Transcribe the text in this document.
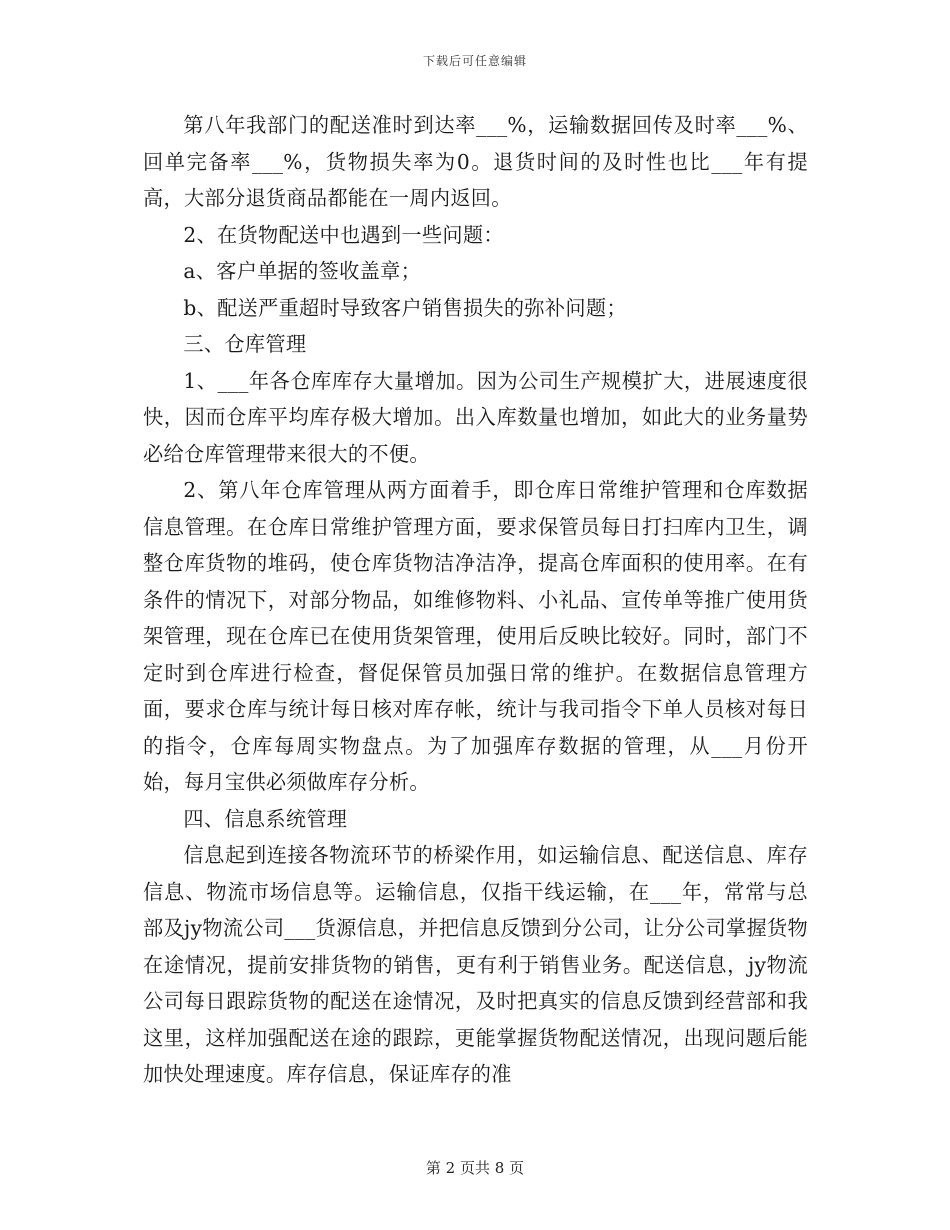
下载后可任意编辑

第八年我部门的配送准时到达率___%，运输数据回传及时率___%、回单完备率___%，货物损失率为0。退货时间的及时性也比___年有提高，大部分退货商品都能在一周内返回。

2、在货物配送中也遇到一些问题：

a、客户单据的签收盖章；

b、配送严重超时导致客户销售损失的弥补问题；

三、仓库管理

1、___年各仓库库存大量增加。因为公司生产规模扩大，进展速度很快，因而仓库平均库存极大增加。出入库数量也增加，如此大的业务量势必给仓库管理带来很大的不便。

2、第八年仓库管理从两方面着手，即仓库日常维护管理和仓库数据信息管理。在仓库日常维护管理方面，要求保管员每日打扫库内卫生，调整仓库货物的堆码，使仓库货物洁净洁净，提高仓库面积的使用率。在有条件的情况下，对部分物品，如维修物料、小礼品、宣传单等推广使用货架管理，现在仓库已在使用货架管理，使用后反映比较好。同时，部门不定时到仓库进行检查，督促保管员加强日常的维护。在数据信息管理方面，要求仓库与统计每日核对库存帐，统计与我司指令下单人员核对每日的指令，仓库每周实物盘点。为了加强库存数据的管理，从___月份开始，每月宝供必须做库存分析。

四、信息系统管理

信息起到连接各物流环节的桥梁作用，如运输信息、配送信息、库存信息、物流市场信息等。运输信息，仅指干线运输，在___年，常常与总部及jy物流公司___货源信息，并把信息反馈到分公司，让分公司掌握货物在途情况，提前安排货物的销售，更有利于销售业务。配送信息，jy物流公司每日跟踪货物的配送在途情况，及时把真实的信息反馈到经营部和我这里，这样加强配送在途的跟踪，更能掌握货物配送情况，出现问题后能加快处理速度。库存信息，保证库存的准

第 2 页共 8 页
